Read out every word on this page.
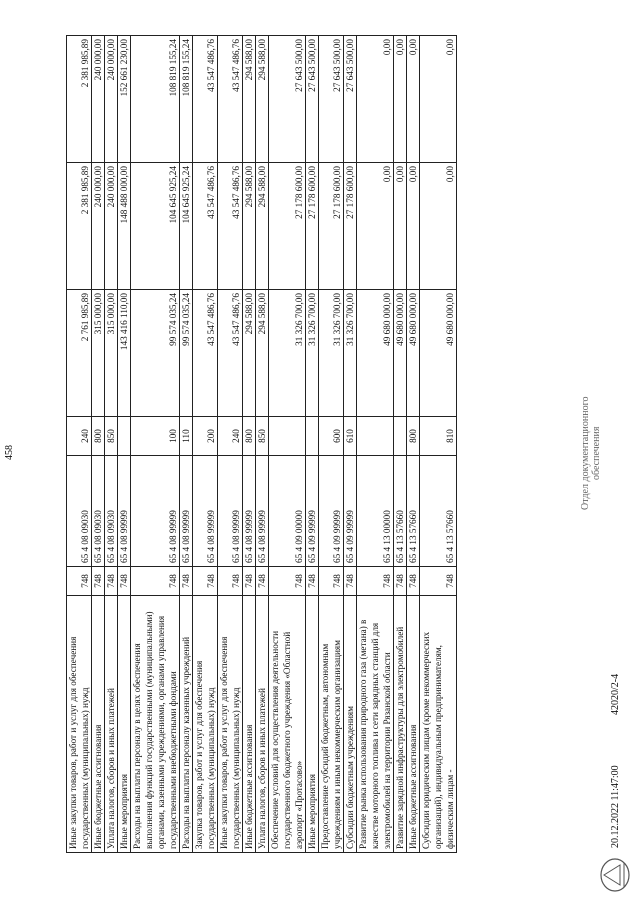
458
Иные закупки товаров, работ и услуг для обеспечения государственных (муниципальных) нужд	748	65 4 08 09030	240	2 761 985,89	2 381 985,89	2 381 985,89
Иные бюджетные ассигнования	748	65 4 08 09030	800	315 000,00	240 000,00	240 000,00
Уплата налогов, сборов и иных платежей	748	65 4 08 09030	850	315 000,00	240 000,00	240 000,00
Иные мероприятия	748	65 4 08 99999		143 416 110,00	148 488 000,00	152 661 230,00
Расходы на выплаты персоналу в целях обеспечения выполнения функций государственными (муниципальными) органами, казенными учреждениями, органами управления государственными внебюджетными фондами	748	65 4 08 99999	100	99 574 035,24	104 645 925,24	108 819 155,24
Расходы на выплаты персоналу казенных учреждений	748	65 4 08 99999	110	99 574 035,24	104 645 925,24	108 819 155,24
Закупка товаров, работ и услуг для обеспечения государственных (муниципальных) нужд	748	65 4 08 99999	200	43 547 486,76	43 547 486,76	43 547 486,76
Иные закупки товаров, работ и услуг для обеспечения государственных (муниципальных) нужд	748	65 4 08 99999	240	43 547 486,76	43 547 486,76	43 547 486,76
Иные бюджетные ассигнования	748	65 4 08 99999	800	294 588,00	294 588,00	294 588,00
Уплата налогов, сборов и иных платежей	748	65 4 08 99999	850	294 588,00	294 588,00	294 588,00
Обеспечение условий для осуществления деятельности государственного бюджетного учреждения «Областной аэропорт «Протасово»	748	65 4 09 00000		31 326 700,00	27 178 600,00	27 643 500,00
Иные мероприятия	748	65 4 09 99999		31 326 700,00	27 178 600,00	27 643 500,00
Предоставление субсидий бюджетным, автономным учреждениям и иным некоммерческим организациям	748	65 4 09 99999	600	31 326 700,00	27 178 600,00	27 643 500,00
Субсидии бюджетным учреждениям	748	65 4 09 99999	610	31 326 700,00	27 178 600,00	27 643 500,00
Развитие рынка использования природного газа (метана) в качестве моторного топлива и сети зарядных станций для электромобилей на территории Рязанской области	748	65 4 13 00000		49 680 000,00	0,00	0,00
Развитие зарядной инфраструктуры для электромобилей	748	65 4 13 57660		49 680 000,00	0,00	0,00
Иные бюджетные ассигнования	748	65 4 13 57660	800	49 680 000,00	0,00	0,00
Субсидии юридическим лицам (кроме некоммерческих организаций), индивидуальным предпринимателям, физическим лицам -	748	65 4 13 57660	810	49 680 000,00	0,00	0,00
Отдел документационного обеспечения
20.12.2022 11:47:00
42020/2-4
